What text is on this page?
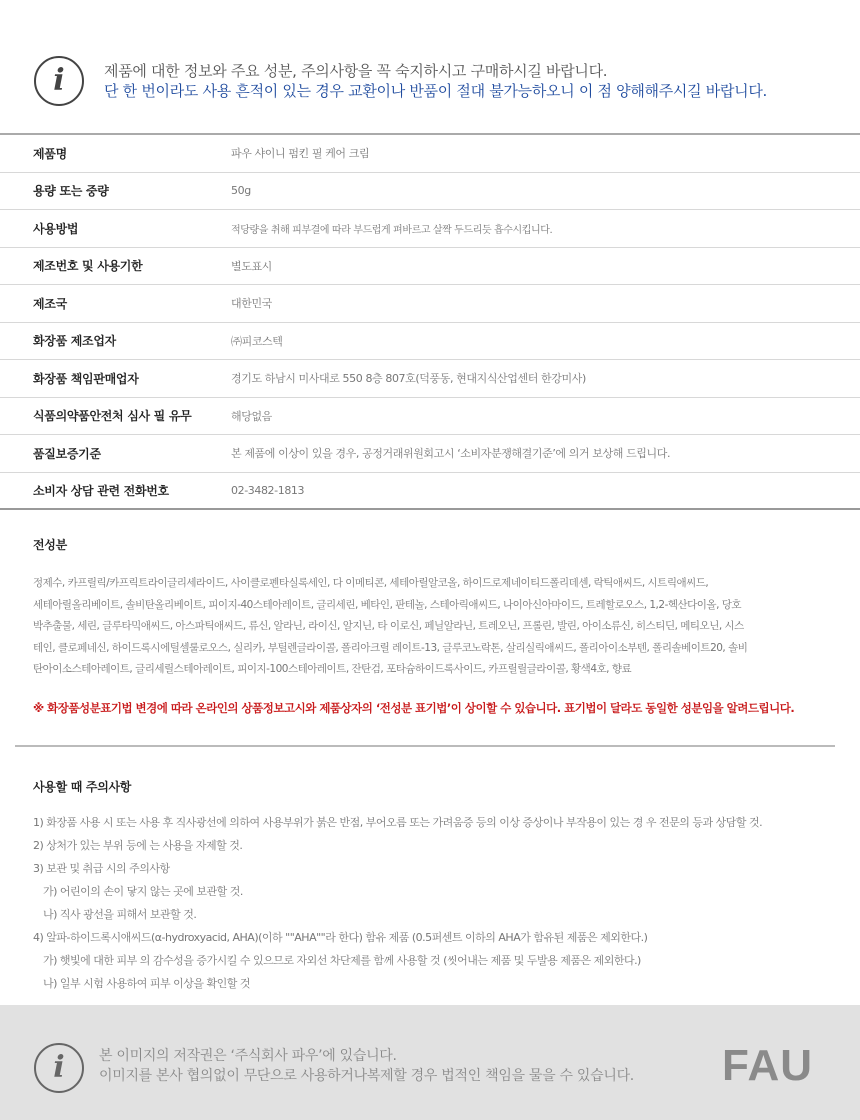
i	제품에 대한 정보와 주요 성분, 주의사항을 꼭 숙지하시고 구매하시길 바랍니다.
단 한 번이라도 사용 흔적이 있는 경우 교환이나 반품이 절대 불가능하오니 이 점 양해해주시길 바랍니다.
제품명	파우 샤이니 펌킨 필 케어 크림
용량 또는 중량	50g
사용방법	적당량을 취해 피부결에 따라 부드럽게 펴바르고 살짝 두드리듯 흡수시킵니다.
제조번호 및 사용기한	별도표시
제조국	대한민국
화장품 제조업자	㈜피코스텍
화장품 책임판매업자	경기도 하남시 미사대로 550 8층 807호(덕풍동, 현대지식산업센터 한강미사)
식품의약품안전처 심사 필 유무	해당없음
품질보증기준	본 제품에 이상이 있을 경우, 공정거래위원회고시 ‘소비자분쟁해결기준’에 의거 보상해 드립니다.
소비자 상담 관련 전화번호	02-3482-1813
전성분
정제수, 카프릴릭/카프릭트라이글리세라이드, 사이클로펜타실록세인, 다 이메티콘, 세테아릴알코올, 하이드로제네이티드폴리데센, 락틱애씨드, 시트릭애씨드,
세테아릴올리베이트, 솔비탄올리베이트, 피이지-40스테아레이트, 글리세린, 베타인, 판테놀, 스테아릭애씨드, 나이아신아마이드, 트레할로오스, 1,2-헥산다이올, 당호
박추출물, 세린, 글루타믹애씨드, 아스파틱애씨드, 류신, 알라닌, 라이신, 알지닌, 타 이로신, 페닐알라닌, 트레오닌, 프롤린, 발린, 아이소류신, 히스티딘, 메티오닌, 시스
테인, 클로페네신, 하이드록시에틸셀룰로오스, 실리카, 부틸렌글라이콜, 폴리아크릴 레이트-13, 글루코노락톤, 살리실릭애씨드, 폴리아이소부텐, 폴리솔베이트20, 솔비
탄아이소스테아레이트, 글리세릴스테아레이트, 피이지-100스테아레이트, 잔탄검, 포타슘하이드록사이드, 카프릴릴글라이콜, 황색4호, 향료
※ 화장품성분표기법 변경에 따라 온라인의 상품정보고시와 제품상자의 ‘전성분 표기법’이 상이할 수 있습니다. 표기법이 달라도 동일한 성분임을 알려드립니다.
사용할 때 주의사항
1) 화장품 사용 시 또는 사용 후 직사광선에 의하여 사용부위가 붉은 반점, 부어오름 또는 가려움증 등의 이상 증상이나 부작용이 있는 경 우 전문의 등과 상담할 것.
2) 상처가 있는 부위 등에 는 사용을 자제할 것.
3) 보관 및 취급 시의 주의사항
가) 어린이의 손이 닿지 않는 곳에 보관할 것.
나) 직사 광선을 피해서 보관할 것.
4) 알파-하이드록시애씨드(α-hydroxyacid, AHA)(이하 ""AHA""라 한다) 함유 제품 (0.5퍼센트 이하의 AHA가 함유된 제품은 제외한다.)
가) 햇빛에 대한 피부 의 감수성을 증가시킬 수 있으므로 자외선 차단제를 함께 사용할 것 (씻어내는 제품 및 두발용 제품은 제외한다.)
나) 일부 시험 사용하여 피부 이상을 확인할 것
i 본 이미지의 저작권은 ‘주식회사 파우’에 있습니다.
이미지를 본사 협의없이 무단으로 사용하거나복제할 경우 법적인 책임을 물을 수 있습니다. FAU
